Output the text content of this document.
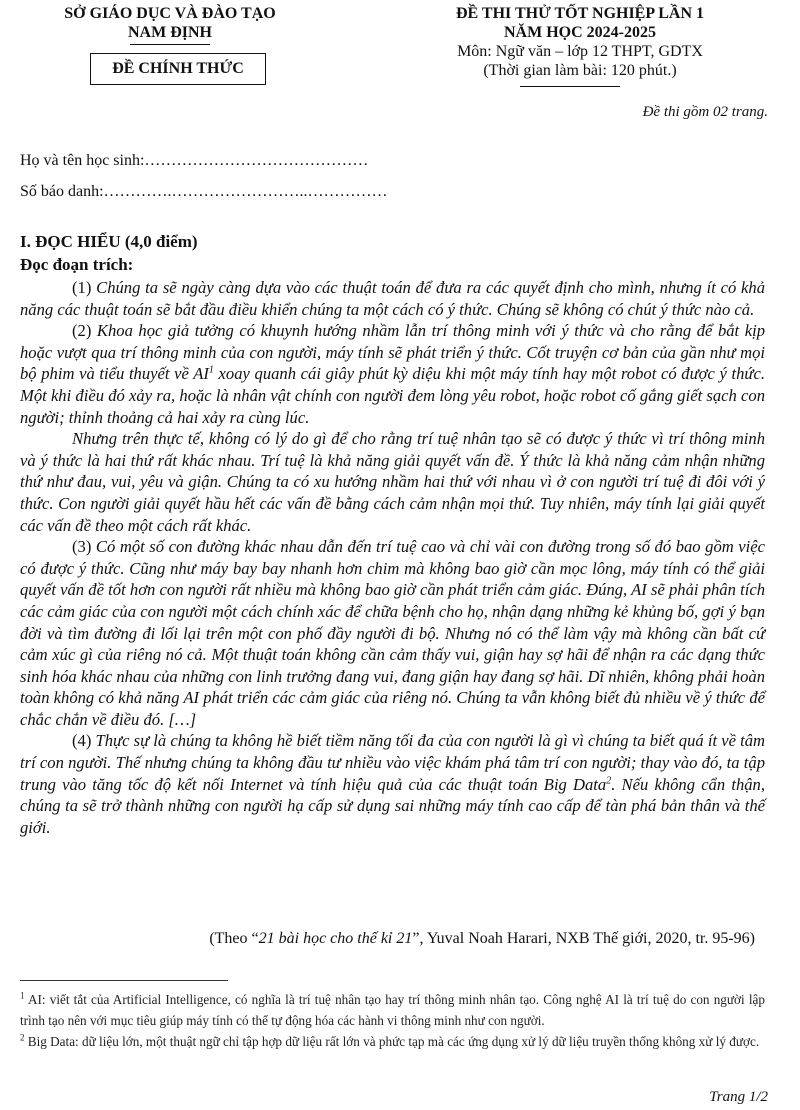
SỞ GIÁO DỤC VÀ ĐÀO TẠO
NAM ĐỊNH
ĐỀ CHÍNH THỨC
ĐỀ THI THỬ TỐT NGHIỆP LẦN 1
NĂM HỌC 2024-2025
Môn: Ngữ văn – lớp 12 THPT, GDTX
(Thời gian làm bài: 120 phút.)
Đề thi gồm 02 trang.
Họ và tên học sinh:……………………………………
Số báo danh:………….……………………..……………
I. ĐỌC HIỂU (4,0 điểm)
Đọc đoạn trích:

(1) Chúng ta sẽ ngày càng dựa vào các thuật toán để đưa ra các quyết định cho mình, nhưng ít có khả năng các thuật toán sẽ bắt đầu điều khiển chúng ta một cách có ý thức. Chúng sẽ không có chút ý thức nào cả.

(2) Khoa học giả tưởng có khuynh hướng nhầm lẫn trí thông minh với ý thức và cho rằng để bắt kịp hoặc vượt qua trí thông minh của con người, máy tính sẽ phát triển ý thức. Cốt truyện cơ bản của gần như mọi bộ phim và tiểu thuyết về $AI^1$ xoay quanh cái giây phút kỳ diệu khi một máy tính hay một robot có được ý thức. Một khi điều đó xảy ra, hoặc là nhân vật chính con người đem lòng yêu robot, hoặc robot cố gắng giết sạch con người; thỉnh thoảng cả hai xảy ra cùng lúc.

Nhưng trên thực tế, không có lý do gì để cho rằng trí tuệ nhân tạo sẽ có được ý thức vì trí thông minh và ý thức là hai thứ rất khác nhau. Trí tuệ là khả năng giải quyết vấn đề. Ý thức là khả năng cảm nhận những thứ như đau, vui, yêu và giận. Chúng ta có xu hướng nhầm hai thứ với nhau vì ở con người trí tuệ đi đôi với ý thức. Con người giải quyết hầu hết các vấn đề bằng cách cảm nhận mọi thứ. Tuy nhiên, máy tính lại giải quyết các vấn đề theo một cách rất khác.

(3) Có một số con đường khác nhau dẫn đến trí tuệ cao và chỉ vài con đường trong số đó bao gồm việc có được ý thức. Cũng như máy bay bay nhanh hơn chim mà không bao giờ cần mọc lông, máy tính có thể giải quyết vấn đề tốt hơn con người rất nhiều mà không bao giờ cần phát triển cảm giác. Đúng, AI sẽ phải phân tích các cảm giác của con người một cách chính xác để chữa bệnh cho họ, nhận dạng những kẻ khủng bố, gợi ý bạn đời và tìm đường đi lối lại trên một con phố đầy người đi bộ. Nhưng nó có thể làm vậy mà không cần bất cứ cảm xúc gì của riêng nó cả. Một thuật toán không cần cảm thấy vui, giận hay sợ hãi để nhận ra các dạng thức sinh hóa khác nhau của những con linh trưởng đang vui, đang giận hay đang sợ hãi. Dĩ nhiên, không phải hoàn toàn không có khả năng AI phát triển các cảm giác của riêng nó. Chúng ta vẫn không biết đủ nhiều về ý thức để chắc chắn về điều đó. […]

(4) Thực sự là chúng ta không hề biết tiềm năng tối đa của con người là gì vì chúng ta biết quá ít về tâm trí con người. Thế nhưng chúng ta không đầu tư nhiều vào việc khám phá tâm trí con người; thay vào đó, ta tập trung vào tăng tốc độ kết nối Internet và tính hiệu quả của các thuật toán Big Data$^2$. Nếu không cẩn thận, chúng ta sẽ trở thành những con người hạ cấp sử dụng sai những máy tính cao cấp để tàn phá bản thân và thế giới.

(Theo “21 bài học cho thế kỉ 21”, Yuval Noah Harari, NXB Thế giới, 2020, tr. 95-96)

$^1$ AI: viết tắt của Artificial Intelligence, có nghĩa là trí tuệ nhân tạo hay trí thông minh nhân tạo. Công nghệ AI là trí tuệ do con người lập trình tạo nên với mục tiêu giúp máy tính có thể tự động hóa các hành vi thông minh như con người.

$^2$ Big Data: dữ liệu lớn, một thuật ngữ chỉ tập hợp dữ liệu rất lớn và phức tạp mà các ứng dụng xử lý dữ liệu truyền thống không xử lý được.

Trang 1/2
